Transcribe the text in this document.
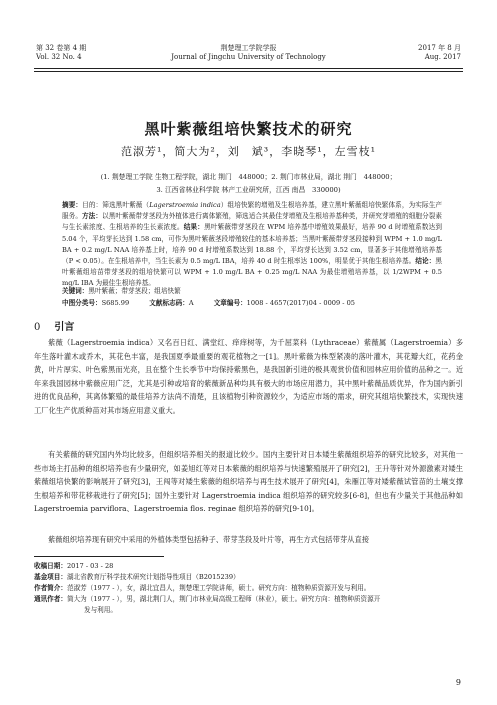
第 32 卷第 4 期
Vol. 32 No. 4
荆楚理工学院学报
Journal of Jingchu University of Technology
2017 年 8 月
Aug. 2017
黑叶紫薇组培快繁技术的研究
范淑芳¹，简大为²，刘　斌³，李晓琴¹，左雪枝¹
(1. 荆楚理工学院 生物工程学院，湖北 荆门　448000；2. 荆门市林业局，湖北 荆门　448000；
3. 江西省林业科学院 林产工业研究所，江西 南昌　330000)
摘要：目的：筛选黑叶紫薇（Lagerstroemia indica）组培快繁的增殖及生根培养基，建立黑叶紫薇组培快繁体系，为实际生产服务。方法：以黑叶紫薇带芽茎段为外植体进行离体繁殖，筛选适合其最佳芽增殖及生根培养基种类，并研究芽增殖的细胞分裂素与生长素浓度、生根培养的生长素浓度。结果：黑叶紫薇带芽茎段在 WPM 培养基中增殖效果最好，培养 90 d 时增殖系数达到 5.04 个，平均芽长达到 1.58 cm，可作为黑叶紫薇茎段增殖较佳的基本培养基；当黑叶紫薇带芽茎段接种到 WPM + 1.0 mg/L BA + 0.2 mg/L NAA 培养基上时，培养 90 d 时增殖系数达到 18.88 个，平均芽长达到 3.52 cm，显著多于其他增殖培养基（P < 0.05）。在生根培养中，当生长素为 0.5 mg/L IBA，培养 40 d 时生根率达 100%，明显优于其他生根培养基。结论：黑叶紫薇组培苗带芽茎段的组培快繁可以 WPM + 1.0 mg/L BA + 0.25 mg/L NAA 为最佳增殖培养基，以 1/2WPM + 0.5 mg/L IBA 为最佳生根培养基。
关键词：黑叶紫薇；带芽茎段；组培快繁
中图分类号：S685.99	文献标志码：A	文章编号：1008 - 4657(2017)04 - 0009 - 05
0 引言

紫薇（Lagerstroemia indica）又名百日红、满堂红、痒痒树等，为千屈菜科（Lythraceae）紫薇属（Lagerstroemia）多年生落叶灌木或乔木，其花色丰富，是我国夏季最重要的观花植物之一[1]。黑叶紫薇为株型紧凑的落叶灌木，其花瓣大红，花药金黄，叶片厚实、叶色紫黑而光亮，且在整个生长季节中均保持紫黑色，是我国新引进的极具观赏价值和园林应用价值的品种之一。近年来我国园林中紫薇应用广泛，尤其是引种或培育的紫薇新品种均具有极大的市场应用潜力，其中黑叶紫薇品质优异，作为国内新引进的优良品种，其离体繁殖的最佳培养方法尚不清楚，且该植物引种资源较少，为适应市场的需求，研究其组培快繁技术，实现快速工厂化生产优质种苗对其市场应用意义重大。

有关紫薇的研究国内外均比较多，但组织培养相关的报道比较少。国内主要针对日本矮生紫薇组织培养的研究比较多，对其他一些市场主打品种的组织培养也有少量研究，如姜旭红等对日本紫薇的组织培养与快速繁殖展开了研究[2]，王升等针对外源激素对矮生紫薇组培快繁的影响展开了研究[3]，王闯等对矮生紫薇的组织培养与再生技术展开了研究[4]，朱雁江等对矮紫薇试管苗的土壤支撑生根培养和带花移栽进行了研究[5]；国外主要针对 Lagerstroemia indica 组织培养的研究较多[6-8]，但也有少量关于其他品种如 Lagerstroemia parviflora、Lagerstroemia flos. reginae 组织培养的研究[9-10]。

紫薇组织培养现有研究中采用的外植体类型包括种子、带芽茎段及叶片等，再生方式包括带芽从直接

收稿日期：2017 - 03 - 28
基金项目：湖北省教育厅科学技术研究计划指导性项目（B2015239）
作者简介：范淑芳（1977 - ），女，湖北宜昌人，荆楚理工学院讲师，硕士。研究方向：植物种质资源开发与利用。
通讯作者：简大为（1977 - ），男，湖北荆门人，荆门市林业局高级工程师（林业），硕士。研究方向：植物种质资源开
发与利用。
9
